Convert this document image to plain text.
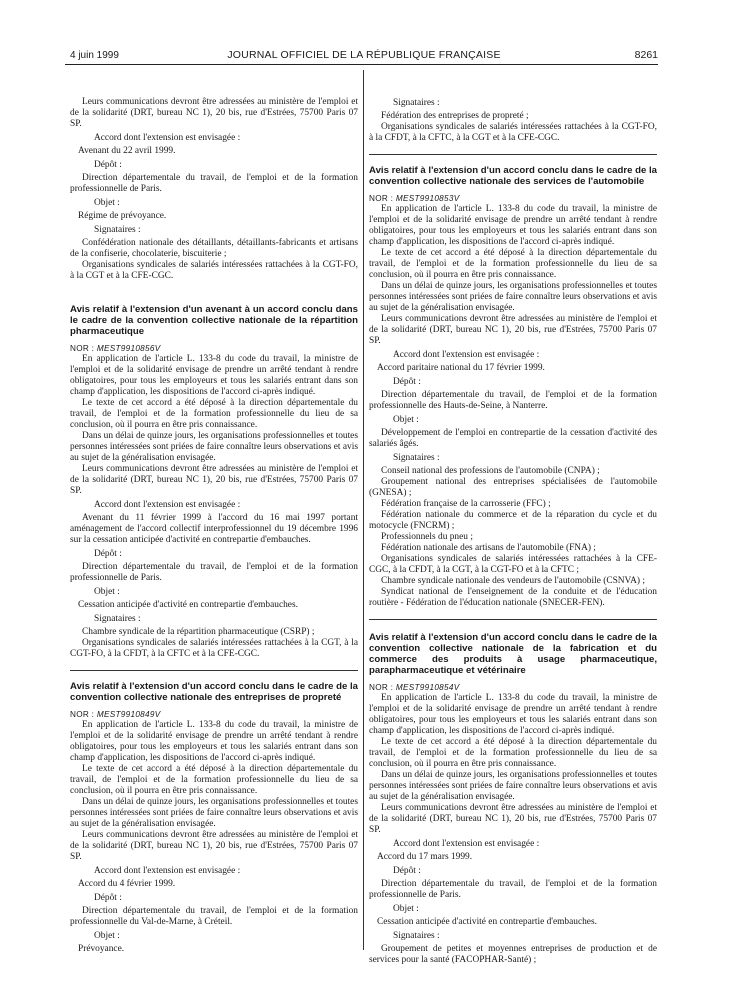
4 juin 1999	JOURNAL OFFICIEL DE LA RÉPUBLIQUE FRANÇAISE	8261

Leurs communications devront être adressées au ministère de l'emploi et de la solidarité (DRT, bureau NC 1), 20 bis, rue d'Estrées, 75700 Paris 07 SP.

Accord dont l'extension est envisagée :

Avenant du 22 avril 1999.

Dépôt :

Direction départementale du travail, de l'emploi et de la formation professionnelle de Paris.

Objet :

Régime de prévoyance.

Signataires :

Confédération nationale des détaillants, détaillants-fabricants et artisans de la confiserie, chocolaterie, biscuiterie ;

Organisations syndicales de salariés intéressées rattachées à la CGT-FO, à la CGT et à la CFE-CGC.

Avis relatif à l'extension d'un avenant à un accord conclu dans le cadre de la convention collective nationale de la répartition pharmaceutique

NOR : MEST9910856V

En application de l'article L. 133-8 du code du travail, la ministre de l'emploi et de la solidarité envisage de prendre un arrêté tendant à rendre obligatoires, pour tous les employeurs et tous les salariés entrant dans son champ d'application, les dispositions de l'accord ci-après indiqué.

Le texte de cet accord a été déposé à la direction départementale du travail, de l'emploi et de la formation professionnelle du lieu de sa conclusion, où il pourra en être pris connaissance.

Dans un délai de quinze jours, les organisations professionnelles et toutes personnes intéressées sont priées de faire connaître leurs observations et avis au sujet de la généralisation envisagée.

Leurs communications devront être adressées au ministère de l'emploi et de la solidarité (DRT, bureau NC 1), 20 bis, rue d'Estrées, 75700 Paris 07 SP.

Accord dont l'extension est envisagée :

Avenant du 11 février 1999 à l'accord du 16 mai 1997 portant aménagement de l'accord collectif interprofessionnel du 19 décembre 1996 sur la cessation anticipée d'activité en contrepartie d'embauches.

Dépôt :

Direction départementale du travail, de l'emploi et de la formation professionnelle de Paris.

Objet :

Cessation anticipée d'activité en contrepartie d'embauches.

Signataires :

Chambre syndicale de la répartition pharmaceutique (CSRP) ;

Organisations syndicales de salariés intéressées rattachées à la CGT, à la CGT-FO, à la CFDT, à la CFTC et à la CFE-CGC.

Avis relatif à l'extension d'un accord conclu dans le cadre de la convention collective nationale des entreprises de propreté

NOR : MEST9910849V

En application de l'article L. 133-8 du code du travail, la ministre de l'emploi et de la solidarité envisage de prendre un arrêté tendant à rendre obligatoires, pour tous les employeurs et tous les salariés entrant dans son champ d'application, les dispositions de l'accord ci-après indiqué.

Le texte de cet accord a été déposé à la direction départementale du travail, de l'emploi et de la formation professionnelle du lieu de sa conclusion, où il pourra en être pris connaissance.

Dans un délai de quinze jours, les organisations professionnelles et toutes personnes intéressées sont priées de faire connaître leurs observations et avis au sujet de la généralisation envisagée.

Leurs communications devront être adressées au ministère de l'emploi et de la solidarité (DRT, bureau NC 1), 20 bis, rue d'Estrées, 75700 Paris 07 SP.

Accord dont l'extension est envisagée :

Accord du 4 février 1999.

Dépôt :

Direction départementale du travail, de l'emploi et de la formation professionnelle du Val-de-Marne, à Créteil.

Objet :

Prévoyance.

Signataires :

Fédération des entreprises de propreté ;

Organisations syndicales de salariés intéressées rattachées à la CGT-FO, à la CFDT, à la CFTC, à la CGT et à la CFE-CGC.

Avis relatif à l'extension d'un accord conclu dans le cadre de la convention collective nationale des services de l'automobile

NOR : MEST9910853V

En application de l'article L. 133-8 du code du travail, la ministre de l'emploi et de la solidarité envisage de prendre un arrêté tendant à rendre obligatoires, pour tous les employeurs et tous les salariés entrant dans son champ d'application, les dispositions de l'accord ci-après indiqué.

Le texte de cet accord a été déposé à la direction départementale du travail, de l'emploi et de la formation professionnelle du lieu de sa conclusion, où il pourra en être pris connaissance.

Dans un délai de quinze jours, les organisations professionnelles et toutes personnes intéressées sont priées de faire connaître leurs observations et avis au sujet de la généralisation envisagée.

Leurs communications devront être adressées au ministère de l'emploi et de la solidarité (DRT, bureau NC 1), 20 bis, rue d'Estrées, 75700 Paris 07 SP.

Accord dont l'extension est envisagée :

Accord paritaire national du 17 février 1999.

Dépôt :

Direction départementale du travail, de l'emploi et de la formation professionnelle des Hauts-de-Seine, à Nanterre.

Objet :

Développement de l'emploi en contrepartie de la cessation d'activité des salariés âgés.

Signataires :

Conseil national des professions de l'automobile (CNPA) ;

Groupement national des entreprises spécialisées de l'automobile (GNESA) ;

Fédération française de la carrosserie (FFC) ;

Fédération nationale du commerce et de la réparation du cycle et du motocycle (FNCRM) ;

Professionnels du pneu ;

Fédération nationale des artisans de l'automobile (FNA) ;

Organisations syndicales de salariés intéressées rattachées à la CFE-CGC, à la CFDT, à la CGT, à la CGT-FO et à la CFTC ;

Chambre syndicale nationale des vendeurs de l'automobile (CSNVA) ;

Syndicat national de l'enseignement de la conduite et de l'éducation routière - Fédération de l'éducation nationale (SNECER-FEN).

Avis relatif à l'extension d'un accord conclu dans le cadre de la convention collective nationale de la fabrication et du commerce des produits à usage pharmaceutique, parapharmaceutique et vétérinaire

NOR : MEST9910854V

En application de l'article L. 133-8 du code du travail, la ministre de l'emploi et de la solidarité envisage de prendre un arrêté tendant à rendre obligatoires, pour tous les employeurs et tous les salariés entrant dans son champ d'application, les dispositions de l'accord ci-après indiqué.

Le texte de cet accord a été déposé à la direction départementale du travail, de l'emploi et de la formation professionnelle du lieu de sa conclusion, où il pourra en être pris connaissance.

Dans un délai de quinze jours, les organisations professionnelles et toutes personnes intéressées sont priées de faire connaître leurs observations et avis au sujet de la généralisation envisagée.

Leurs communications devront être adressées au ministère de l'emploi et de la solidarité (DRT, bureau NC 1), 20 bis, rue d'Estrées, 75700 Paris 07 SP.

Accord dont l'extension est envisagée :

Accord du 17 mars 1999.

Dépôt :

Direction départementale du travail, de l'emploi et de la formation professionnelle de Paris.

Objet :

Cessation anticipée d'activité en contrepartie d'embauches.

Signataires :

Groupement de petites et moyennes entreprises de production et de services pour la santé (FACOPHAR-Santé) ;
